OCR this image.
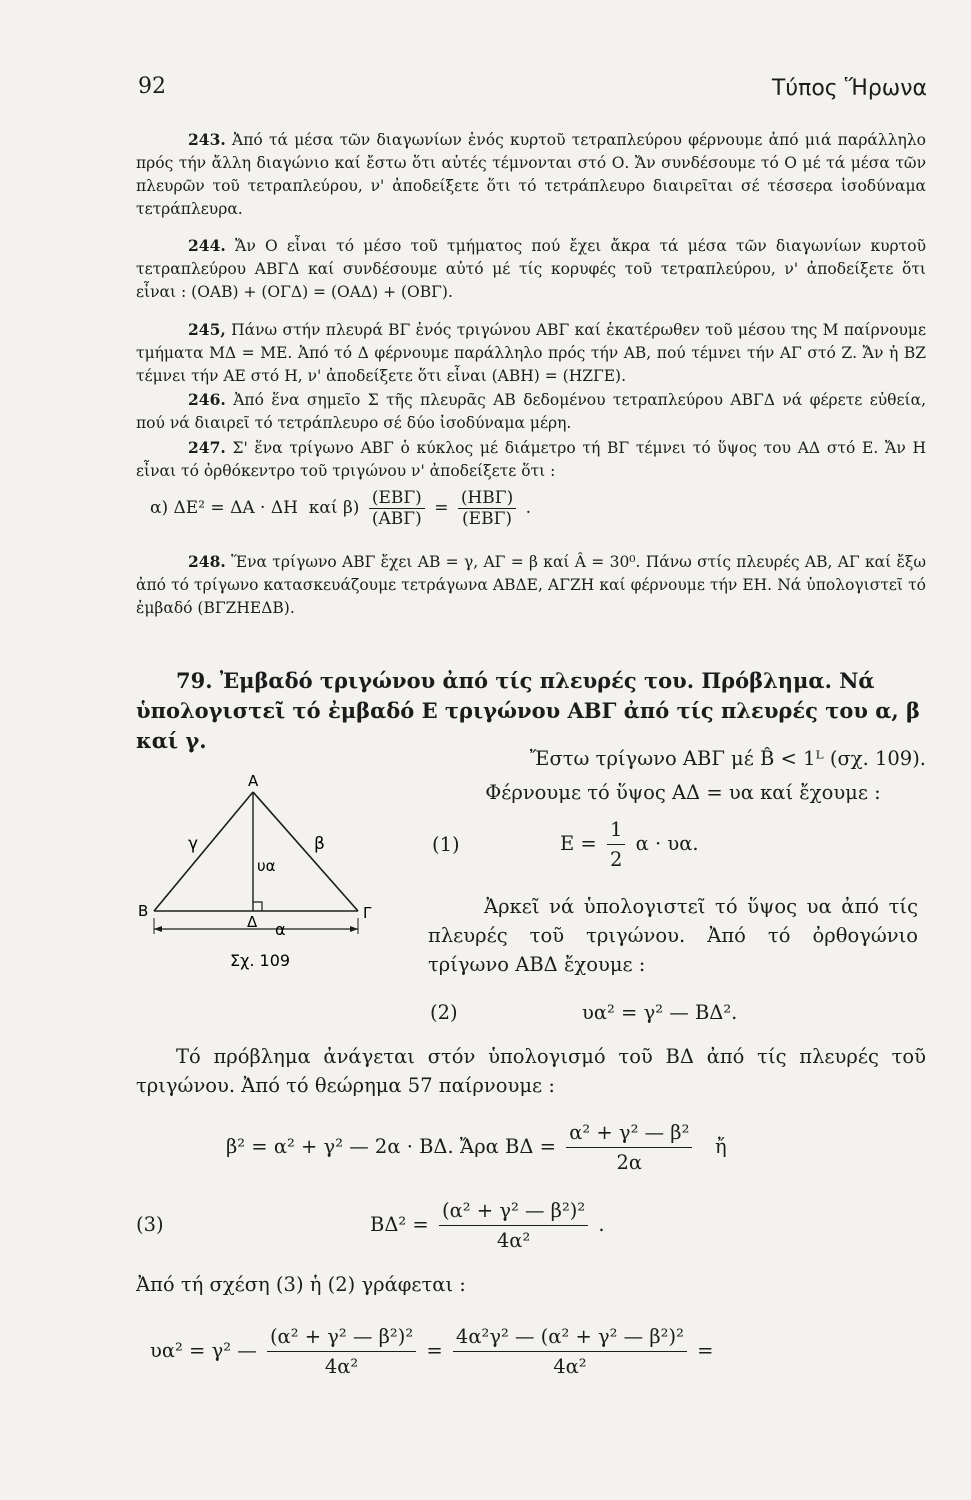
92	Τύπος Ἥρωνα
243. Ἀπό τά μέσα τῶν διαγωνίων ἑνός κυρτοῦ τετραπλεύρου φέρνουμε ἀπό μιά παράλληλο πρός τήν ἄλλη διαγώνιο καί ἔστω ὅτι αὐτές τέμνονται στό Ο. Ἄν συνδέσουμε τό Ο μέ τά μέσα τῶν πλευρῶν τοῦ τετραπλεύρου, ν' ἀποδείξετε ὅτι τό τετράπλευρο διαιρεῖται σέ τέσσερα ἰσοδύναμα τετράπλευρα.
244. Ἄν Ο εἶναι τό μέσο τοῦ τμήματος πού ἔχει ἄκρα τά μέσα τῶν διαγωνίων κυρτοῦ τετραπλεύρου ΑΒΓΔ καί συνδέσουμε αὐτό μέ τίς κορυφές τοῦ τετραπλεύρου, ν' ἀποδείξετε ὅτι εἶναι : (ΟΑΒ) + (ΟΓΔ) = (ΟΑΔ) + (ΟΒΓ).
245, Πάνω στήν πλευρά ΒΓ ἑνός τριγώνου ΑΒΓ καί ἑκατέρωθεν τοῦ μέσου της Μ παίρνουμε τμήματα ΜΔ = ΜΕ. Ἀπό τό Δ φέρνουμε παράλληλο πρός τήν ΑΒ, πού τέμνει τήν ΑΓ στό Ζ. Ἄν ἡ ΒΖ τέμνει τήν ΑΕ στό Η, ν' ἀποδείξετε ὅτι εἶναι (ΑΒΗ) = (ΗΖΓΕ).
246. Ἀπό ἕνα σημεῖο Σ τῆς πλευρᾶς ΑΒ δεδομένου τετραπλεύρου ΑΒΓΔ νά φέρετε εὐθεία, πού νά διαιρεῖ τό τετράπλευρο σέ δύο ἰσοδύναμα μέρη.
247. Σ' ἕνα τρίγωνο ΑΒΓ ὁ κύκλος μέ διάμετρο τή ΒΓ τέμνει τό ὕψος του ΑΔ στό Ε. Ἄν Η εἶναι τό ὀρθόκεντρο τοῦ τριγώνου ν' ἀποδείξετε ὅτι :
α) ΔΕ² = ΔΑ · ΔΗ καί $\beta) \frac{\text{(ΕΒΓ)}}{\text{(ΑΒΓ)}} = \frac{\text{(ΗΒΓ)}}{\text{(ΕΒΓ)}}$ .
248. Ἕνα τρίγωνο ΑΒΓ ἔχει ΑΒ = γ, ΑΓ = β καί Â = 30⁰. Πάνω στίς πλευρές ΑΒ, ΑΓ καί ἔξω ἀπό τό τρίγωνο κατασκευάζουμε τετράγωνα ΑΒΔΕ, ΑΓΖΗ καί φέρνουμε τήν ΕΗ. Νά ὑπολογιστεῖ τό ἐμβαδό (ΒΓΖΗΕΔΒ).
79. Ἐμβαδό τριγώνου ἀπό τίς πλευρές του. Πρόβλημα. Νά ὑπολογιστεῖ τό ἐμβαδό Ε τριγώνου ΑΒΓ ἀπό τίς πλευρές του α, β καί γ.
Ἔστω τρίγωνο ΑΒΓ μέ B̂ < 1ᴸ (σχ. 109).
Φέρνουμε τό ὕψος ΑΔ = υα καί ἔχουμε :
(1)	$E = \frac{1}{2}$ α · υα.
Ἀρκεῖ νά ὑπολογιστεῖ τό ὕψος υα ἀπό τίς πλευρές τοῦ τριγώνου. Ἀπό τό ὀρθογώνιο τρίγωνο ΑΒΔ ἔχουμε :
(2)	υα² = γ² — ΒΔ².
Τό πρόβλημα ἀνάγεται στόν ὑπολογισμό τοῦ ΒΔ ἀπό τίς πλευρές τοῦ τριγώνου. Ἀπό τό θεώρημα 57 παίρνουμε :
β² = α² + γ² — 2α · ΒΔ. Ἄρα $B\Delta = \frac{\text{α² + γ² — β²}}{2\alpha}$ ἤ
(3)	$B\Delta^2 = \frac{\text{(α² + γ² — β²)²}}{\text{4α²}}$ .
Ἀπό τή σχέση (3) ἡ (2) γράφεται :
υα² = γ² — $\frac{\text{(α² + γ² — β²)²}}{\text{4α²}} = \frac{\text{4α²γ² — (α² + γ² — β²)²}}{\text{4α²}}$ =
Α
Β	Γ
Δ
γ	β
υα
α
Σχ. 109
